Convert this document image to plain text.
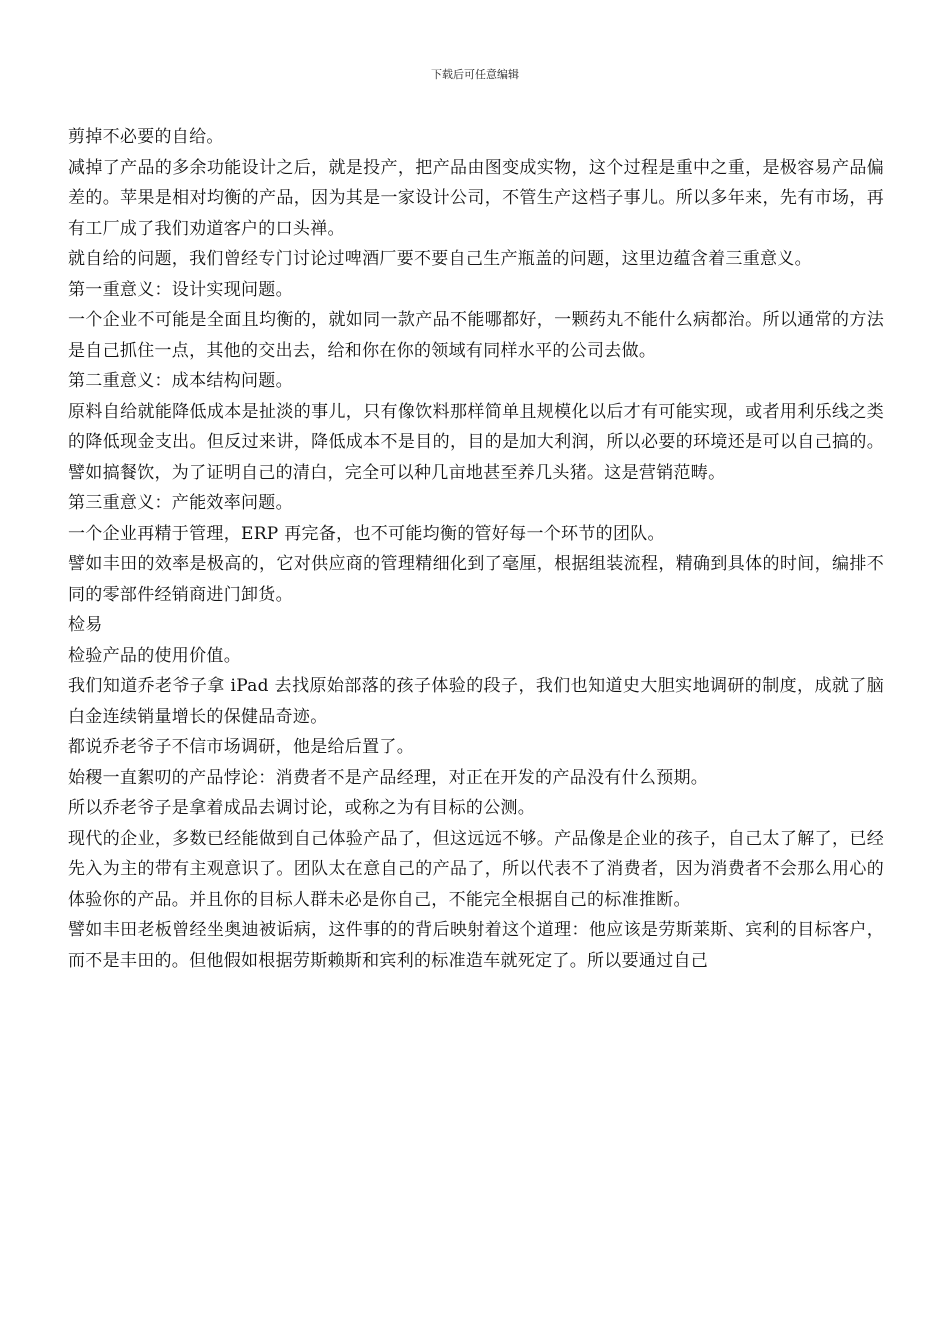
下载后可任意编辑

剪掉不必要的自给。

减掉了产品的多余功能设计之后，就是投产，把产品由图变成实物，这个过程是重中之重，是极容易产品偏差的。苹果是相对均衡的产品，因为其是一家设计公司，不管生产这档子事儿。所以多年来，先有市场，再有工厂成了我们劝道客户的口头禅。

就自给的问题，我们曾经专门讨论过啤酒厂要不要自己生产瓶盖的问题，这里边蕴含着三重意义。

第一重意义：设计实现问题。

一个企业不可能是全面且均衡的，就如同一款产品不能哪都好，一颗药丸不能什么病都治。所以通常的方法是自己抓住一点，其他的交出去，给和你在你的领域有同样水平的公司去做。

第二重意义：成本结构问题。

原料自给就能降低成本是扯淡的事儿，只有像饮料那样简单且规模化以后才有可能实现，或者用利乐线之类的降低现金支出。但反过来讲，降低成本不是目的，目的是加大利润，所以必要的环境还是可以自己搞的。譬如搞餐饮，为了证明自己的清白，完全可以种几亩地甚至养几头猪。这是营销范畴。

第三重意义：产能效率问题。

一个企业再精于管理，ERP 再完备，也不可能均衡的管好每一个环节的团队。

譬如丰田的效率是极高的，它对供应商的管理精细化到了毫厘，根据组装流程，精确到具体的时间，编排不同的零部件经销商进门卸货。

检易

检验产品的使用价值。

我们知道乔老爷子拿 iPad 去找原始部落的孩子体验的段子，我们也知道史大胆实地调研的制度，成就了脑白金连续销量增长的保健品奇迹。

都说乔老爷子不信市场调研，他是给后置了。

始稷一直絮叨的产品悖论：消费者不是产品经理，对正在开发的产品没有什么预期。

所以乔老爷子是拿着成品去调讨论，或称之为有目标的公测。

现代的企业，多数已经能做到自己体验产品了，但这远远不够。产品像是企业的孩子，自己太了解了，已经先入为主的带有主观意识了。团队太在意自己的产品了，所以代表不了消费者，因为消费者不会那么用心的体验你的产品。并且你的目标人群未必是你自己，不能完全根据自己的标准推断。

譬如丰田老板曾经坐奥迪被诟病，这件事的的背后映射着这个道理：他应该是劳斯莱斯、宾利的目标客户，而不是丰田的。但他假如根据劳斯赖斯和宾利的标准造车就死定了。所以要通过自己
